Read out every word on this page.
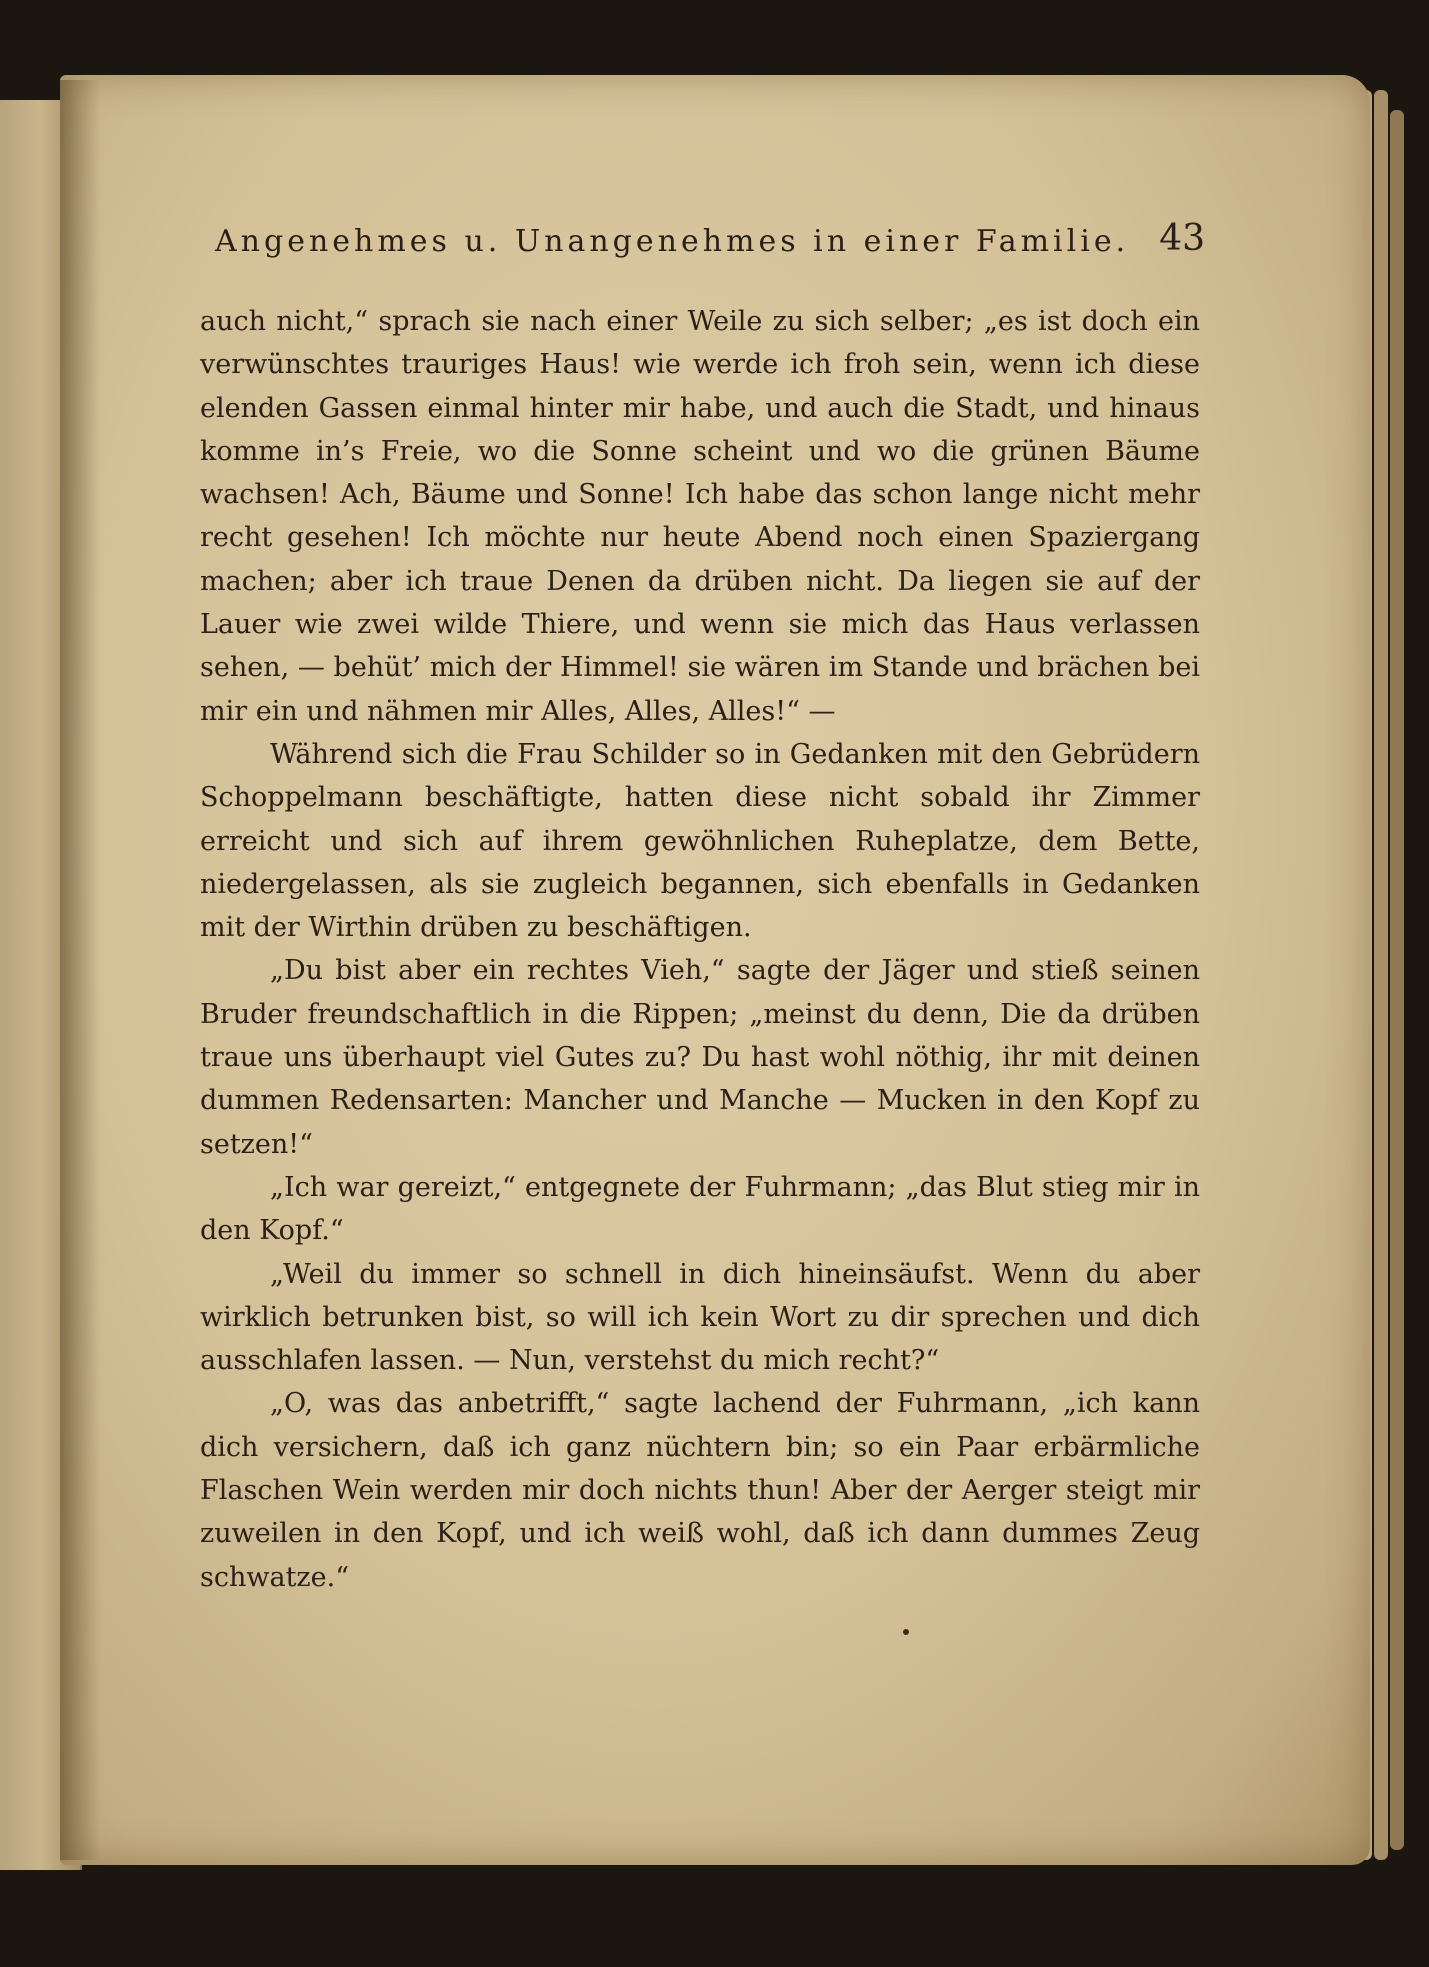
Angenehmes u. Unangenehmes in einer Familie. 43

auch nicht,“ sprach sie nach einer Weile zu sich selber; „es ist doch ein verwünschtes trauriges Haus! wie werde ich froh sein, wenn ich diese elenden Gassen einmal hinter mir habe, und auch die Stadt, und hinaus komme in’s Freie, wo die Sonne scheint und wo die grünen Bäume wachsen! Ach, Bäume und Sonne! Ich habe das schon lange nicht mehr recht gesehen! Ich möchte nur heute Abend noch einen Spaziergang machen; aber ich traue Denen da drüben nicht. Da liegen sie auf der Lauer wie zwei wilde Thiere, und wenn sie mich das Haus verlassen sehen, — behüt’ mich der Himmel! sie wären im Stande und brächen bei mir ein und nähmen mir Alles, Alles, Alles!“ —

Während sich die Frau Schilder so in Gedanken mit den Gebrüdern Schoppelmann beschäftigte, hatten diese nicht sobald ihr Zimmer erreicht und sich auf ihrem gewöhnlichen Ruheplatze, dem Bette, niedergelassen, als sie zugleich begannen, sich ebenfalls in Gedanken mit der Wirthin drüben zu beschäftigen.

„Du bist aber ein rechtes Vieh,“ sagte der Jäger und stieß seinen Bruder freundschaftlich in die Rippen; „meinst du denn, Die da drüben traue uns überhaupt viel Gutes zu? Du hast wohl nöthig, ihr mit deinen dummen Redensarten: Mancher und Manche — Mucken in den Kopf zu setzen!“

„Ich war gereizt,“ entgegnete der Fuhrmann; „das Blut stieg mir in den Kopf.“

„Weil du immer so schnell in dich hineinsäufst. Wenn du aber wirklich betrunken bist, so will ich kein Wort zu dir sprechen und dich ausschlafen lassen. — Nun, verstehst du mich recht?“

„O, was das anbetrifft,“ sagte lachend der Fuhrmann, „ich kann dich versichern, daß ich ganz nüchtern bin; so ein Paar erbärmliche Flaschen Wein werden mir doch nichts thun! Aber der Aerger steigt mir zuweilen in den Kopf, und ich weiß wohl, daß ich dann dummes Zeug schwatze.“
